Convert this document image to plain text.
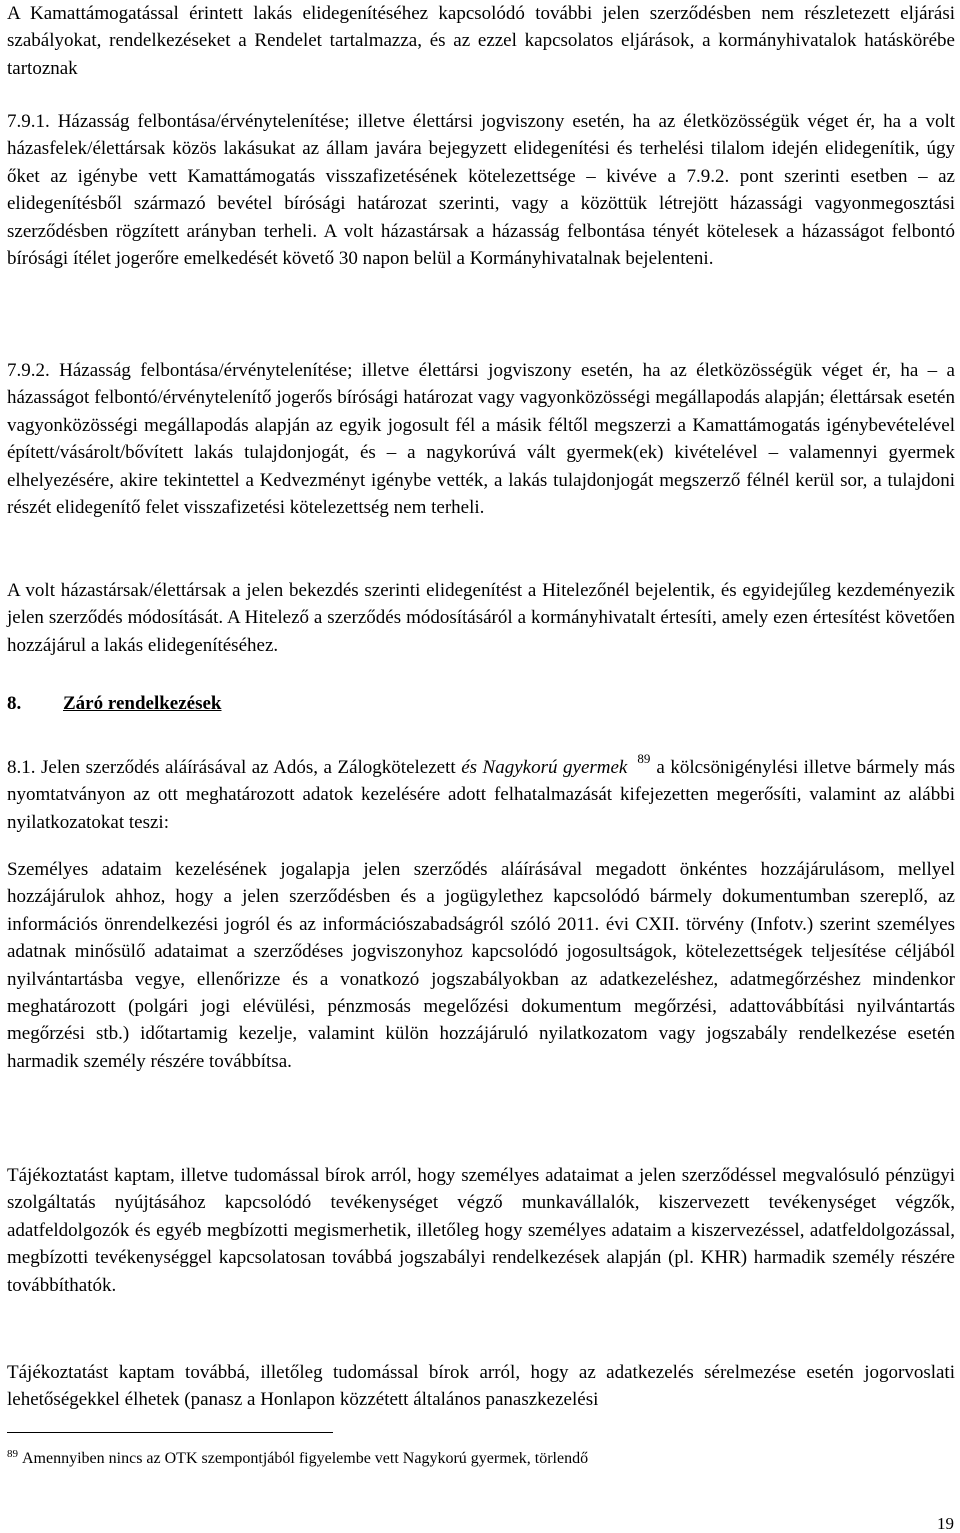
A Kamattámogatással érintett lakás elidegenítéséhez kapcsolódó további jelen szerződésben nem részletezett eljárási szabályokat, rendelkezéseket a Rendelet tartalmazza, és az ezzel kapcsolatos eljárások, a kormányhivatalok hatáskörébe tartoznak

7.9.1. Házasság felbontása/érvénytelenítése; illetve élettársi jogviszony esetén, ha az életközösségük véget ér, ha a volt házasfelek/élettársak közös lakásukat az állam javára bejegyzett elidegenítési és terhelési tilalom idején elidegenítik, úgy őket az igénybe vett Kamattámogatás visszafizetésének kötelezettsége – kivéve a 7.9.2. pont szerinti esetben – az elidegenítésből származó bevétel bírósági határozat szerinti, vagy a közöttük létrejött házassági vagyonmegosztási szerződésben rögzített arányban terheli. A volt házastársak a házasság felbontása tényét kötelesek a házasságot felbontó bírósági ítélet jogerőre emelkedését követő 30 napon belül a Kormányhivatalnak bejelenteni.

7.9.2. Házasság felbontása/érvénytelenítése; illetve élettársi jogviszony esetén, ha az életközösségük véget ér, ha – a házasságot felbontó/érvénytelenítő jogerős bírósági határozat vagy vagyonközösségi megállapodás alapján; élettársak esetén vagyonközösségi megállapodás alapján az egyik jogosult fél a másik féltől megszerzi a Kamattámogatás igénybevételével épített/vásárolt/bővített lakás tulajdonjogát, és – a nagykorúvá vált gyermek(ek) kivételével – valamennyi gyermek elhelyezésére, akire tekintettel a Kedvezményt igénybe vették, a lakás tulajdonjogát megszerző félnél kerül sor, a tulajdoni részét elidegenítő felet visszafizetési kötelezettség nem terheli.

A volt házastársak/élettársak a jelen bekezdés szerinti elidegenítést a Hitelezőnél bejelentik, és egyidejűleg kezdeményezik jelen szerződés módosítását. A Hitelező a szerződés módosításáról a kormányhivatalt értesíti, amely ezen értesítést követően hozzájárul a lakás elidegenítéséhez.

8. Záró rendelkezések

8.1. Jelen szerződés aláírásával az Adós, a Zálogkötelezett és Nagykorú gyermek $^{89}$ a kölcsönigénylési illetve bármely más nyomtatványon az ott meghatározott adatok kezelésére adott felhatalmazását kifejezetten megerősíti, valamint az alábbi nyilatkozatokat teszi:

Személyes adataim kezelésének jogalapja jelen szerződés aláírásával megadott önkéntes hozzájárulásom, mellyel hozzájárulok ahhoz, hogy a jelen szerződésben és a jogügylethez kapcsolódó bármely dokumentumban szereplő, az információs önrendelkezési jogról és az információszabadságról szóló 2011. évi CXII. törvény (Infotv.) szerint személyes adatnak minősülő adataimat a szerződéses jogviszonyhoz kapcsolódó jogosultságok, kötelezettségek teljesítése céljából nyilvántartásba vegye, ellenőrizze és a vonatkozó jogszabályokban az adatkezeléshez, adatmegőrzéshez mindenkor meghatározott (polgári jogi elévülési, pénzmosás megelőzési dokumentum megőrzési, adattovábbítási nyilvántartás megőrzési stb.) időtartamig kezelje, valamint külön hozzájáruló nyilatkozatom vagy jogszabály rendelkezése esetén harmadik személy részére továbbítsa.

Tájékoztatást kaptam, illetve tudomással bírok arról, hogy személyes adataimat a jelen szerződéssel megvalósuló pénzügyi szolgáltatás nyújtásához kapcsolódó tevékenységet végző munkavállalók, kiszervezett tevékenységet végzők, adatfeldolgozók és egyéb megbízotti megismerhetik, illetőleg hogy személyes adataim a kiszervezéssel, adatfeldolgozással, megbízotti tevékenységgel kapcsolatosan továbbá jogszabályi rendelkezések alapján (pl. KHR) harmadik személy részére továbbíthatók.

Tájékoztatást kaptam továbbá, illetőleg tudomással bírok arról, hogy az adatkezelés sérelmezése esetén jogorvoslati lehetőségekkel élhetek (panasz a Honlapon közzétett általános panaszkezelési

$^{89}$ Amennyiben nincs az OTK szempontjából figyelembe vett Nagykorú gyermek, törlendő
19
